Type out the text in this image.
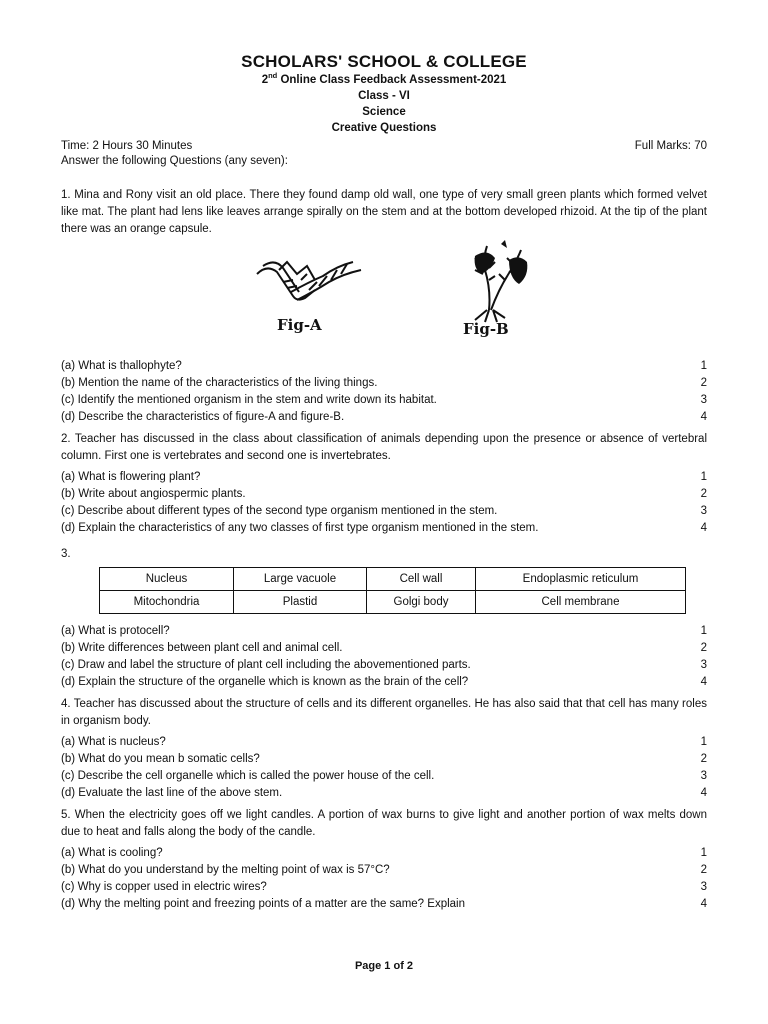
SCHOLARS' SCHOOL & COLLEGE
2nd Online Class Feedback Assessment-2021
Class - VI
Science
Creative Questions
Time: 2 Hours 30 Minutes	Full Marks: 70
Answer the following Questions (any seven):
1. Mina and Rony visit an old place. There they found damp old wall, one type of very small green plants which formed velvet like mat. The plant had lens like leaves arrange spirally on the stem and at the bottom developed rhizoid. At the tip of the plant there was an orange capsule.
Fig-A	Fig-B
(a) What is thallophyte?	1
(b) Mention the name of the characteristics of the living things.	2
(c) Identify the mentioned organism in the stem and write down its habitat.	3
(d) Describe the characteristics of figure-A and figure-B.	4
2. Teacher has discussed in the class about classification of animals depending upon the presence or absence of vertebral column. First one is vertebrates and second one is invertebrates.
(a) What is flowering plant?	1
(b) Write about angiospermic plants.	2
(c) Describe about different types of the second type organism mentioned in the stem.	3
(d) Explain the characteristics of any two classes of first type organism mentioned in the stem.	4
3.
Nucleus	Large vacuole	Cell wall	Endoplasmic reticulum
Mitochondria	Plastid	Golgi body	Cell membrane
(a) What is protocell?	1
(b) Write differences between plant cell and animal cell.	2
(c) Draw and label the structure of plant cell including the abovementioned parts.	3
(d) Explain the structure of the organelle which is known as the brain of the cell?	4
4. Teacher has discussed about the structure of cells and its different organelles. He has also said that that cell has many roles in organism body.
(a) What is nucleus?	1
(b) What do you mean b somatic cells?	2
(c) Describe the cell organelle which is called the power house of the cell.	3
(d) Evaluate the last line of the above stem.	4
5. When the electricity goes off we light candles. A portion of wax burns to give light and another portion of wax melts down due to heat and falls along the body of the candle.
(a) What is cooling?	1
(b) What do you understand by the melting point of wax is 57°C?	2
(c) Why is copper used in electric wires?	3
(d) Why the melting point and freezing points of a matter are the same? Explain	4
Page 1 of 2
